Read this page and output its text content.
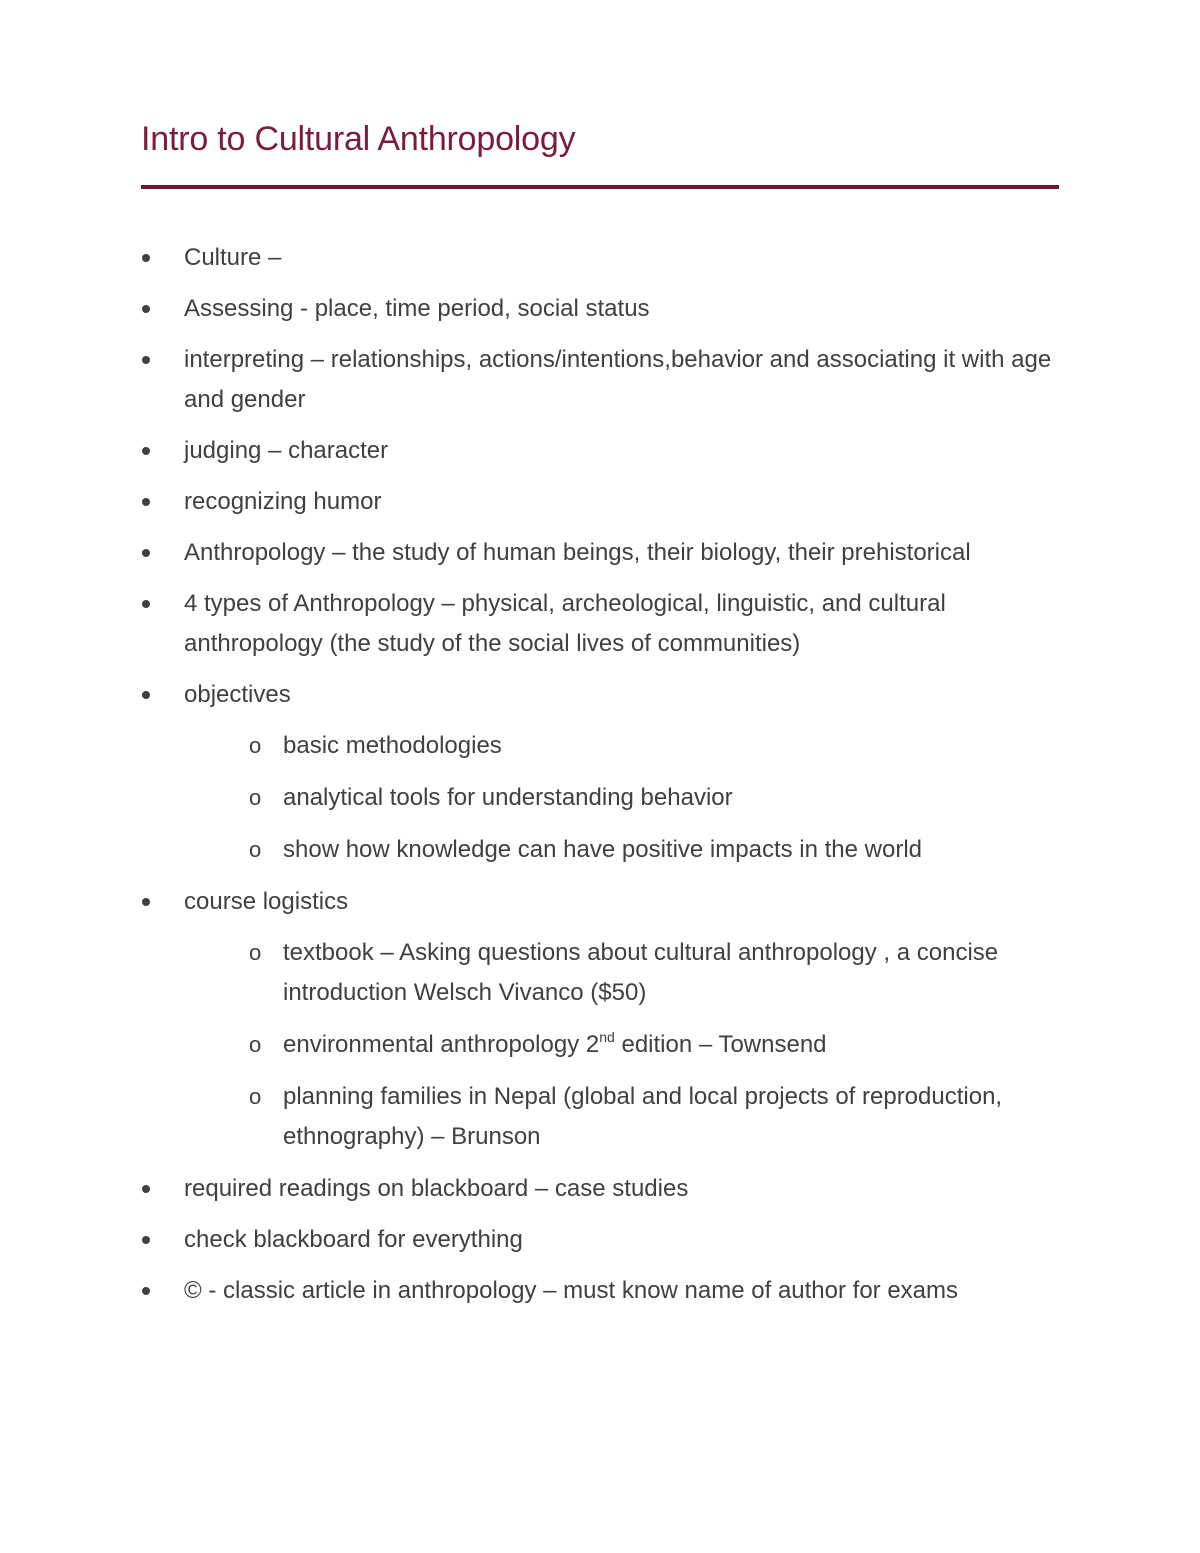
Intro to Cultural Anthropology
Culture –
Assessing - place, time period, social status
interpreting – relationships, actions/intentions,behavior and associating it with age and gender
judging – character
recognizing humor
Anthropology – the study of human beings, their biology, their prehistorical
4 types of Anthropology – physical, archeological, linguistic, and cultural anthropology (the study of the social lives of communities)
objectives
o basic methodologies
o analytical tools for understanding behavior
o show how knowledge can have positive impacts in the world
course logistics
o textbook – Asking questions about cultural anthropology , a concise introduction Welsch Vivanco ($50)
o environmental anthropology 2nd edition – Townsend
o planning families in Nepal (global and local projects of reproduction, ethnography) – Brunson
required readings on blackboard – case studies
check blackboard for everything
© - classic article in anthropology – must know name of author for exams
